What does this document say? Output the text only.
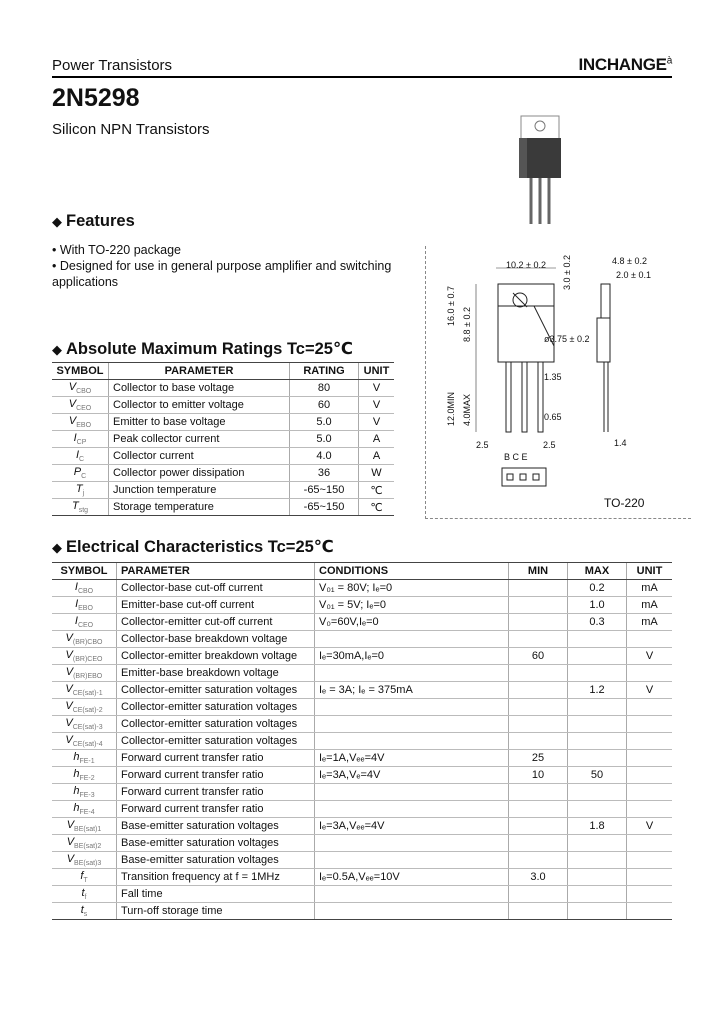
Power Transistors	$INCHANGE^à$
2N5298
Silicon NPN Transistors
◆ Features
• With TO-220 package
• Designed for use in general purpose amplifier and switching
applications
◆ Absolute Maximum Ratings Tc=25℃
SYMBOL	PARAMETER	RATING	UNIT
$V_{CBO}$	Collector to base voltage	80	V
$V_{CEO}$	Collector to emitter voltage	60	V
$V_{EBO}$	Emitter to base voltage	5.0	V
$I_{CP}$	Peak collector current	5.0	A
$I_C$	Collector current	4.0	A
$P_C$	Collector power dissipation	36	W
$T_j$	Junction temperature	-65~150	℃
$T_{stg}$	Storage temperature	-65~150	℃
10.2 ± 0.2	4.8 ± 0.2
2.0 ± 0.1
ø3.75 ± 0.2
1.35
0.65
2.5	2.5	1.4
B C E
16.0 ± 0.7 8.8 ± 0.2
12.0MIN 4.0MAX
3.0 ± 0.2
TO-220
◆ Electrical Characteristics Tc=25℃
SYMBOL	PARAMETER	CONDITIONS	MIN	MAX	UNIT
$I_{CBO}$	Collector-base cut-off current	V₀₁ = 80V; Iₑ=0		0.2	mA
$I_{EBO}$	Emitter-base cut-off current	V₀₁ = 5V; Iₑ=0		1.0	mA
$I_{CEO}$	Collector-emitter cut-off current	V₀=60V,Iₑ=0		0.3	mA
$V_{(BR)CBO}$	Collector-base breakdown voltage				
$V_{(BR)CEO}$	Collector-emitter breakdown voltage	Iₑ=30mA,Iₑ=0	60		V
$V_{(BR)EBO}$	Emitter-base breakdown voltage				
$V_{CE(sat)-1}$	Collector-emitter saturation voltages	Iₑ = 3A; Iₑ = 375mA		1.2	V
$V_{CE(sat)-2}$	Collector-emitter saturation voltages				
$V_{CE(sat)-3}$	Collector-emitter saturation voltages				
$V_{CE(sat)-4}$	Collector-emitter saturation voltages				
$h_{FE-1}$	Forward current transfer ratio	Iₑ=1A,Vₑₑ=4V	25		
$h_{FE-2}$	Forward current transfer ratio	Iₑ=3A,Vₑ=4V	10	50	
$h_{FE-3}$	Forward current transfer ratio				
$h_{FE-4}$	Forward current transfer ratio				
$V_{BE(sat)1}$	Base-emitter saturation voltages	Iₑ=3A,Vₑₑ=4V		1.8	V
$V_{BE(sat)2}$	Base-emitter saturation voltages				
$V_{BE(sat)3}$	Base-emitter saturation voltages				
$f_T$	Transition frequency at f = 1MHz	Iₑ=0.5A,Vₑₑ=10V	3.0		
$t_f$	Fall time				
$t_s$	Turn-off storage time				
